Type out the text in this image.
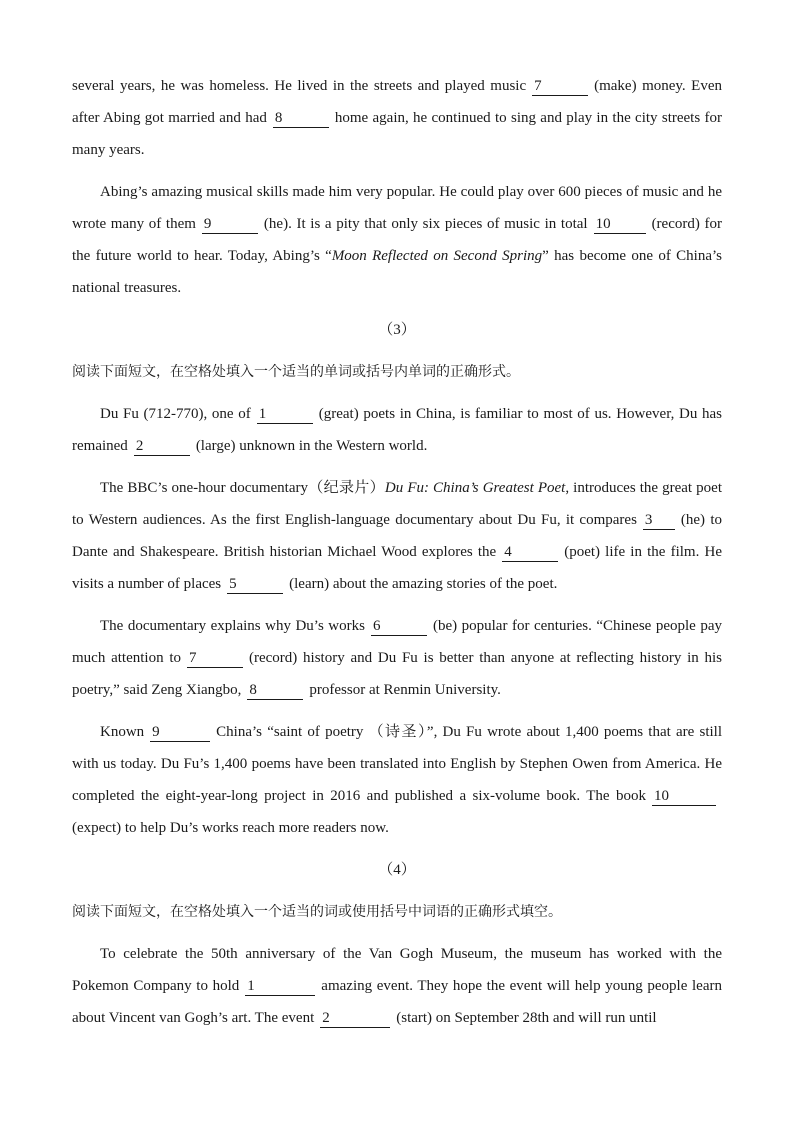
several years, he was homeless. He lived in the streets and played music 7	(make) money. Even after Abing got married and had 8	home again, he continued to sing and play in the city streets for many years.

Abing’s amazing musical skills made him very popular. He could play over 600 pieces of music and he wrote many of them 9	(he). It is a pity that only six pieces of music in total 10	(record) for the future world to hear. Today, Abing’s “Moon Reflected on Second Spring” has become one of China’s national treasures.

（3）

阅读下面短文，在空格处填入一个适当的单词或括号内单词的正确形式。

Du Fu (712-770), one of 1	(great) poets in China, is familiar to most of us. However, Du has remained 2	(large) unknown in the Western world.

The BBC’s one-hour documentary（纪录片）Du Fu: China’s Greatest Poet, introduces the great poet to Western audiences. As the first English-language documentary about Du Fu, it compares 3 (he) to Dante and Shakespeare. British historian Michael Wood explores the 4	(poet) life in the film. He visits a number of places 5	(learn) about the amazing stories of the poet.

The documentary explains why Du’s works 6	(be) popular for centuries. “Chinese people pay much attention to 7	(record) history and Du Fu is better than anyone at reflecting history in his poetry,” said Zeng Xiangbo, 8	professor at Renmin University.

Known 9	China’s “saint of poetry （诗圣）”, Du Fu wrote about 1,400 poems that are still with us today. Du Fu’s 1,400 poems have been translated into English by Stephen Owen from America. He completed the eight-year-long project in 2016 and published a six-volume book. The book 10(expect) to help Du’s works reach more readers now.

（4）

阅读下面短文，在空格处填入一个适当的词或使用括号中词语的正确形式填空。

To celebrate the 50th anniversary of the Van Gogh Museum, the museum has worked with the Pokemon Company to hold 1	amazing event. They hope the event will help young people learn about Vincent van Gogh’s art. The event 2	(start) on September 28th and will run until
